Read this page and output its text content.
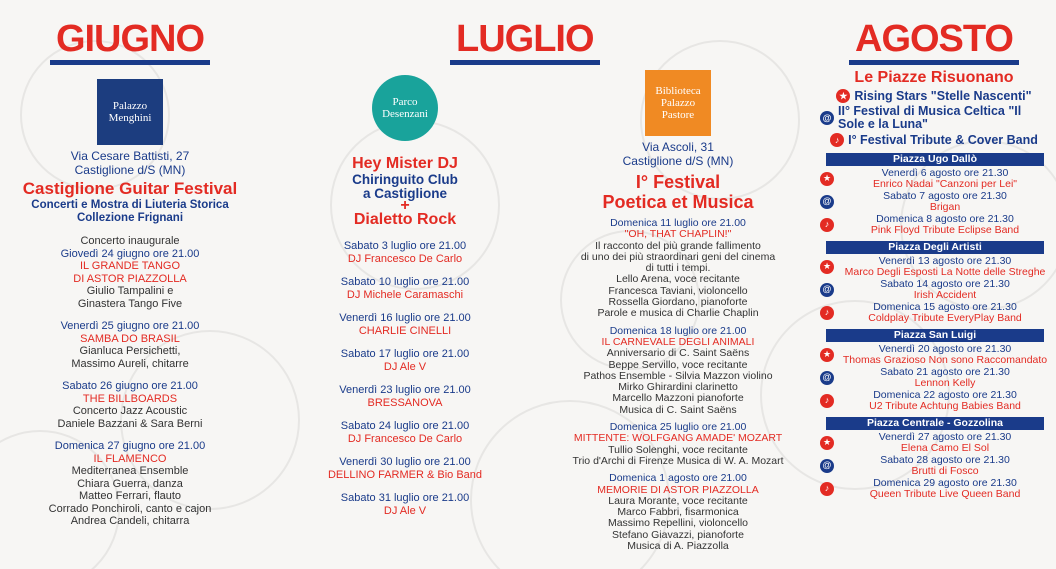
GIUGNO
Palazzo
Menghini
Via Cesare Battisti, 27
Castiglione d/S (MN)
Castiglione Guitar Festival
Concerti e Mostra di Liuteria Storica
Collezione Frignani
Concerto inaugurale
Giovedì 24 giugno ore 21.00
IL GRANDE TANGO
DI ASTOR PIAZZOLLA
Giulio Tampalini e
Ginastera Tango Five
Venerdì 25 giugno ore 21.00
SAMBA DO BRASIL
Gianluca Persichetti,
Massimo Aureli, chitarre
Sabato 26 giugno ore 21.00
THE BILLBOARDS
Concerto Jazz Acoustic
Daniele Bazzani & Sara Berni
Domenica 27 giugno ore 21.00
IL FLAMENCO
Mediterranea Ensemble
Chiara Guerra, danza
Matteo Ferrari, flauto
Corrado Ponchiroli, canto e cajon
Andrea Candeli, chitarra
LUGLIO
Parco
Desenzani
Hey Mister DJ
Chiringuito Club
a Castiglione
+
Dialetto Rock
Sabato 3 luglio ore 21.00
DJ Francesco De Carlo
Sabato 10 luglio ore 21.00
DJ Michele Caramaschi
Venerdì 16 luglio ore 21.00
CHARLIE CINELLI
Sabato 17 luglio ore 21.00
DJ Ale V
Venerdì 23 luglio ore 21.00
BRESSANOVA
Sabato 24 luglio ore 21.00
DJ Francesco De Carlo
Venerdì 30 luglio ore 21.00
DELLINO FARMER & Bio Band
Sabato 31 luglio ore 21.00
DJ Ale V
Biblioteca
Palazzo
Pastore
Via Ascoli, 31
Castiglione d/S (MN)
I° Festival
Poetica et Musica
Domenica 11 luglio ore 21.00
"OH, THAT CHAPLIN!"
Il racconto del più grande fallimento
di uno dei più straordinari geni del cinema
di tutti i tempi.
Lello Arena, voce recitante
Francesca Taviani, violoncello
Rossella Giordano, pianoforte
Parole e musica di Charlie Chaplin
Domenica 18 luglio ore 21.00
IL CARNEVALE DEGLI ANIMALI
Anniversario di C. Saint Saëns
Beppe Servillo, voce recitante
Pathos Ensemble - Silvia Mazzon violino
Mirko Ghirardini clarinetto
Marcello Mazzoni pianoforte
Musica di C. Saint Saëns
Domenica 25 luglio ore 21.00
MITTENTE: WOLFGANG AMADE' MOZART
Tullio Solenghi, voce recitante
Trio d'Archi di Firenze Musica di W. A. Mozart
Domenica 1 agosto ore 21.00
MEMORIE DI ASTOR PIAZZOLLA
Laura Morante, voce recitante
Marco Fabbri, fisarmonica
Massimo Repellini, violoncello
Stefano Giavazzi, pianoforte
Musica di A. Piazzolla
AGOSTO
Le Piazze Risuonano
★ Rising Stars "Stelle Nascenti"
@ II° Festival di Musica Celtica "Il Sole e la Luna"
♪ I° Festival Tribute & Cover Band
Piazza Ugo Dallò
★	Venerdì 6 agosto ore 21.30
Enrico Nadai "Canzoni per Lei"
@	Sabato 7 agosto ore 21.30
Brigan
♪	Domenica 8 agosto ore 21.30
Pink Floyd Tribute Eclipse Band
Piazza Degli Artisti
★	Venerdì 13 agosto ore 21.30
Marco Degli Esposti La Notte delle Streghe
@	Sabato 14 agosto ore 21.30
Irish Accident
♪	Domenica 15 agosto ore 21.30
Coldplay Tribute EveryPlay Band
Piazza San Luigi
★	Venerdì 20 agosto ore 21.30
Thomas Grazioso Non sono Raccomandato
@	Sabato 21 agosto ore 21.30
Lennon Kelly
♪	Domenica 22 agosto ore 21.30
U2 Tribute Achtung Babies Band
Piazza Centrale - Gozzolina
★	Venerdì 27 agosto ore 21.30
Elena Camo El Sol
@	Sabato 28 agosto ore 21.30
Brutti di Fosco
♪	Domenica 29 agosto ore 21.30
Queen Tribute Live Queen Band
